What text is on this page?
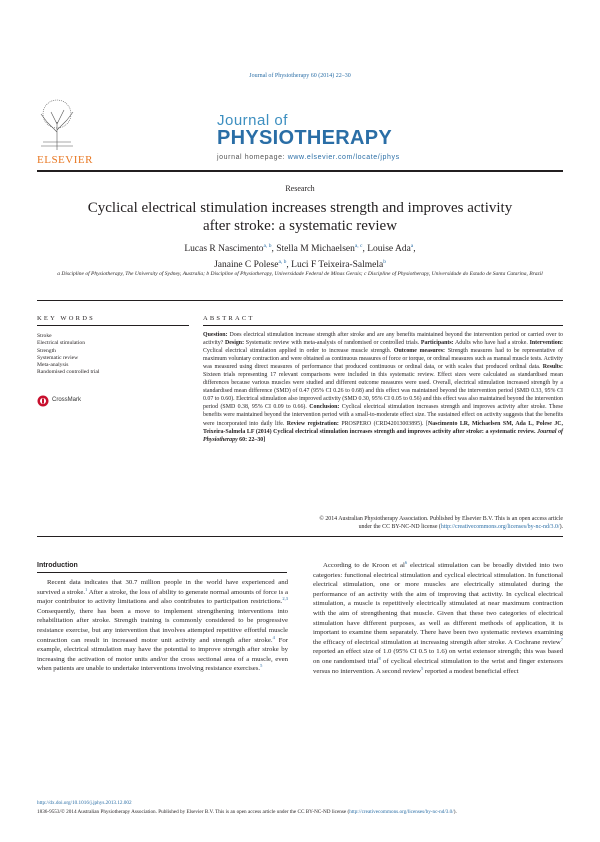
Journal of Physiotherapy 60 (2014) 22–30
ELSEVIER
Journal of
PHYSIOTHERAPY
journal homepage: www.elsevier.com/locate/jphys
Research
Cyclical electrical stimulation increases strength and improves activity
after stroke: a systematic review
Lucas R Nascimento$^{a, b}$, Stella M Michaelsen$^{a, c}$, Louise Ada$^a$,
Janaine C Polese$^{a, b}$, Luci F Teixeira-Salmela$^b$
a Discipline of Physiotherapy, The University of Sydney, Australia; b Discipline of Physiotherapy, Universidade Federal de Minas Gerais; c Discipline of Physiotherapy, Universidade do Estado de Santa Catarina, Brazil
KEY WORDS
Stroke
Electrical stimulation
Strength
Systematic review
Meta-analysis
Randomised controlled trial
CrossMark
ABSTRACT
Question: Does electrical stimulation increase strength after stroke and are any benefits maintained beyond the intervention period or carried over to activity? Design: Systematic review with meta-analysis of randomised or controlled trials. Participants: Adults who have had a stroke. Intervention: Cyclical electrical stimulation applied in order to increase muscle strength. Outcome measures: Strength measures had to be representative of maximum voluntary contraction and were obtained as continuous measures of force or torque, or ordinal measures such as manual muscle tests. Activity was measured using direct measures of performance that produced continuous or ordinal data, or with scales that produced ordinal data. Results: Sixteen trials representing 17 relevant comparisons were included in this systematic review. Effect sizes were calculated as standardised mean differences because various muscles were studied and different outcome measures were used. Overall, electrical stimulation increased strength by a standardised mean difference (SMD) of 0.47 (95% CI 0.26 to 0.68) and this effect was maintained beyond the intervention period (SMD 0.33, 95% CI 0.07 to 0.60). Electrical stimulation also improved activity (SMD 0.30, 95% CI 0.05 to 0.56) and this effect was also maintained beyond the intervention period (SMD 0.38, 95% CI 0.09 to 0.66). Conclusion: Cyclical electrical stimulation increases strength and improves activity after stroke. These benefits were maintained beyond the intervention period with a small-to-moderate effect size. The sustained effect on activity suggests that the benefits were incorporated into daily life. Review registration: PROSPERO (CRD42013003895). [Nascimento LR, Michaelsen SM, Ada L, Polese JC, Teixeira-Salmela LF (2014) Cyclical electrical stimulation increases strength and improves activity after stroke: a systematic review. Journal of Physiotherapy 60: 22–30]
© 2014 Australian Physiotherapy Association. Published by Elsevier B.V. This is an open access article
under the CC BY-NC-ND license (http://creativecommons.org/licenses/by-nc-nd/3.0/).
Introduction

Recent data indicates that 30.7 million people in the world have experienced and survived a stroke.$^1$ After a stroke, the loss of ability to generate normal amounts of force is a major contributor to activity limitations and also contributes to participation restrictions.$^{2,3}$ Consequently, there has been a move to implement strengthening interventions into rehabilitation after stroke. Strength training is commonly considered to be progressive resistance exercise, but any intervention that involves attempted repetitive effortful muscle contraction can result in increased motor unit activity and strength after stroke.$^4$ For example, electrical stimulation may have the potential to improve strength after stroke by increasing the activation of motor units and/or the cross sectional area of a muscle, even when patients are unable to undertake interventions involving resistance exercises.$^5$

According to de Kroon et al$^6$ electrical stimulation can be broadly divided into two categories: functional electrical stimulation and cyclical electrical stimulation. In functional electrical stimulation, one or more muscles are electrically stimulated during the performance of an activity with the aim of improving that activity. In cyclical electrical stimulation, a muscle is repetitively electrically stimulated at near maximum contraction with the aim of strengthening that muscle. Given that these two categories of electrical stimulation have different purposes, as well as different methods of application, it is important to examine them separately. There have been two systematic reviews examining the efficacy of electrical stimulation at increasing strength after stroke. A Cochrane review$^7$ reported an effect size of 1.0 (95% CI 0.5 to 1.6) on wrist extensor strength; this was based on one randomised trial$^8$ of cyclical electrical stimulation to the wrist and finger extensors versus no intervention. A second review$^5$ reported a modest beneficial effect

http://dx.doi.org/10.1016/j.jphys.2013.12.002
1836-9553/© 2014 Australian Physiotherapy Association. Published by Elsevier B.V. This is an open access article under the CC BY-NC-ND license (http://creativecommons.org/licenses/by-nc-nd/3.0/).
